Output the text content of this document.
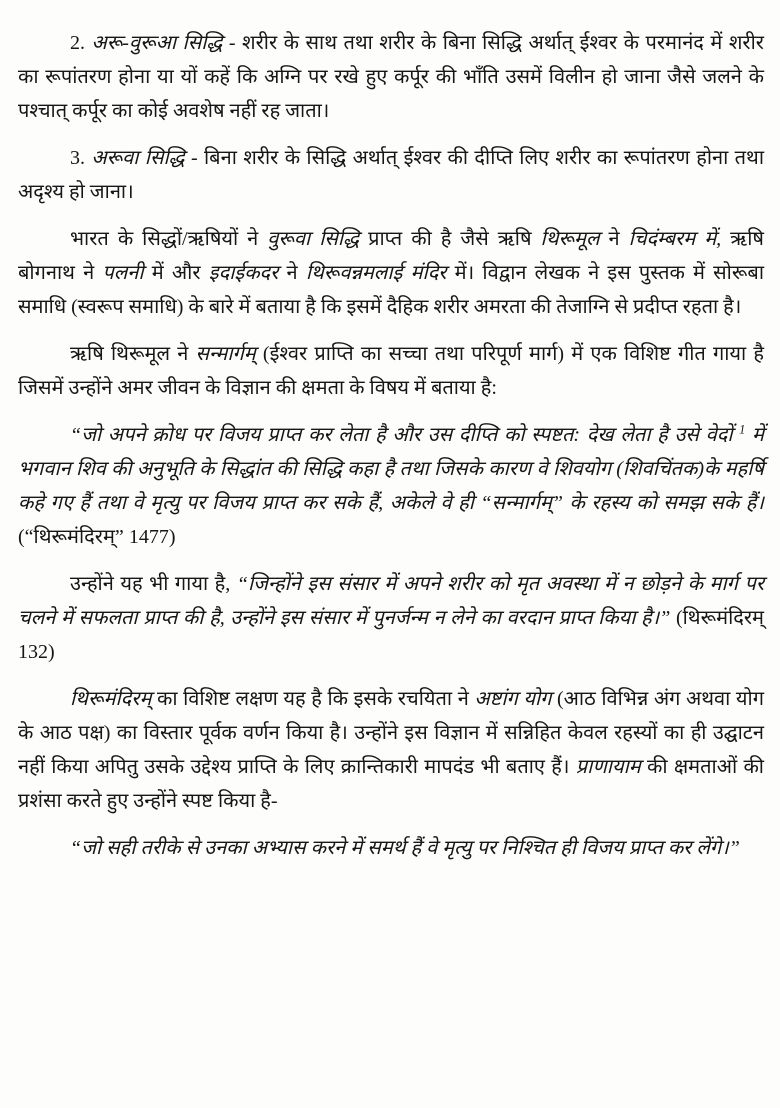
2. अरू-वुरूआ सिद्धि - शरीर के साथ तथा शरीर के बिना सिद्धि अर्थात् ईश्वर के परमानंद में शरीर का रूपांतरण होना या यों कहें कि अग्नि पर रखे हुए कर्पूर की भाँति उसमें विलीन हो जाना जैसे जलने के पश्चात् कर्पूर का कोई अवशेष नहीं रह जाता।

3. अरूवा सिद्धि - बिना शरीर के सिद्धि अर्थात् ईश्वर की दीप्ति लिए शरीर का रूपांतरण होना तथा अदृश्य हो जाना।

भारत के सिद्धों/ऋषियों ने वुरूवा सिद्धि प्राप्त की है जैसे ऋषि थिरूमूल ने चिदंम्बरम में, ऋषि बोगनाथ ने पलनी में और इदाईकदर ने थिरूवन्नमलाई मंदिर में। विद्वान लेखक ने इस पुस्तक में सोरूबा समाधि (स्वरूप समाधि) के बारे में बताया है कि इसमें दैहिक शरीर अमरता की तेजाग्नि से प्रदीप्त रहता है।

ऋषि थिरूमूल ने सन्मार्गम् (ईश्वर प्राप्ति का सच्चा तथा परिपूर्ण मार्ग) में एक विशिष्ट गीत गाया है जिसमें उन्होंने अमर जीवन के विज्ञान की क्षमता के विषय में बताया है:

“जो अपने क्रोध पर विजय प्राप्त कर लेता है और उस दीप्ति को स्पष्टत: देख लेता है उसे वेदों $^1$ में भगवान शिव की अनुभूति के सिद्धांत की सिद्धि कहा है तथा जिसके कारण वे शिवयोग (शिवचिंतक)के महर्षि कहे गए हैं तथा वे मृत्यु पर विजय प्राप्त कर सके हैं, अकेले वे ही “सन्मार्गम्” के रहस्य को समझ सके हैं। (“थिरूमंदिरम्” 1477)

उन्होंने यह भी गाया है, “जिन्होंने इस संसार में अपने शरीर को मृत अवस्था में न छोड़ने के मार्ग पर चलने में सफलता प्राप्त की है, उन्होंने इस संसार में पुनर्जन्म न लेने का वरदान प्राप्त किया है।” (थिरूमंदिरम् 132)

थिरूमंदिरम् का विशिष्ट लक्षण यह है कि इसके रचयिता ने अष्टांग योग (आठ विभिन्न अंग अथवा योग के आठ पक्ष) का विस्तार पूर्वक वर्णन किया है। उन्होंने इस विज्ञान में सन्निहित केवल रहस्यों का ही उद्घाटन नहीं किया अपितु उसके उद्देश्य प्राप्ति के लिए क्रान्तिकारी मापदंड भी बताए हैं। प्राणायाम की क्षमताओं की प्रशंसा करते हुए उन्होंने स्पष्ट किया है-

“जो सही तरीके से उनका अभ्यास करने में समर्थ हैं वे मृत्यु पर निश्चित ही विजय प्राप्त कर लेंगे।”
